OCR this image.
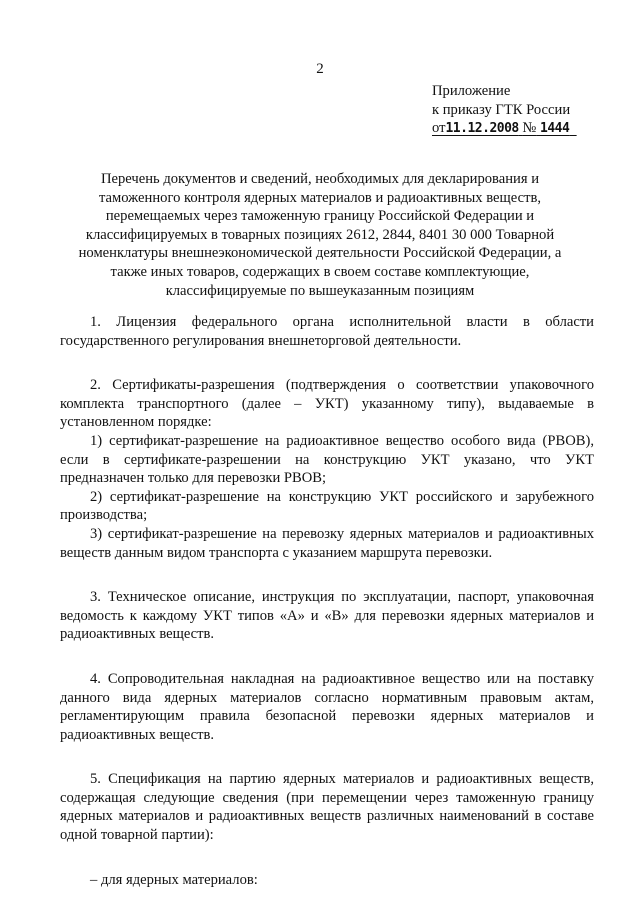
2
Приложение
к приказу ГТК России
от11.12.2008 № 1444
Перечень документов и сведений, необходимых для декларирования и
таможенного контроля ядерных материалов и радиоактивных веществ,
перемещаемых через таможенную границу Российской Федерации и
классифицируемых в товарных позициях 2612, 2844, 8401 30 000 Товарной
номенклатуры внешнеэкономической деятельности Российской Федерации, а
также иных товаров, содержащих в своем составе комплектующие,
классифицируемые по вышеуказанным позициям

1. Лицензия федерального органа исполнительной власти в области государственного регулирования внешнеторговой деятельности.

2. Сертификаты-разрешения (подтверждения о соответствии упаковочного комплекта транспортного (далее – УКТ) указанному типу), выдаваемые в установленном порядке:

1) сертификат-разрешение на радиоактивное вещество особого вида (РВОВ), если в сертификате-разрешении на конструкцию УКТ указано, что УКТ предназначен только для перевозки РВОВ;

2) сертификат-разрешение на конструкцию УКТ российского и зарубежного производства;

3) сертификат-разрешение на перевозку ядерных материалов и радиоактивных веществ данным видом транспорта с указанием маршрута перевозки.

3. Техническое описание, инструкция по эксплуатации, паспорт, упаковочная ведомость к каждому УКТ типов «А» и «В» для перевозки ядерных материалов и радиоактивных веществ.

4. Сопроводительная накладная на радиоактивное вещество или на поставку данного вида ядерных материалов согласно нормативным правовым актам, регламентирующим правила безопасной перевозки ядерных материалов и радиоактивных веществ.

5. Спецификация на партию ядерных материалов и радиоактивных веществ, содержащая следующие сведения (при перемещении через таможенную границу ядерных материалов и радиоактивных веществ различных наименований в составе одной товарной партии):

– для ядерных материалов:
